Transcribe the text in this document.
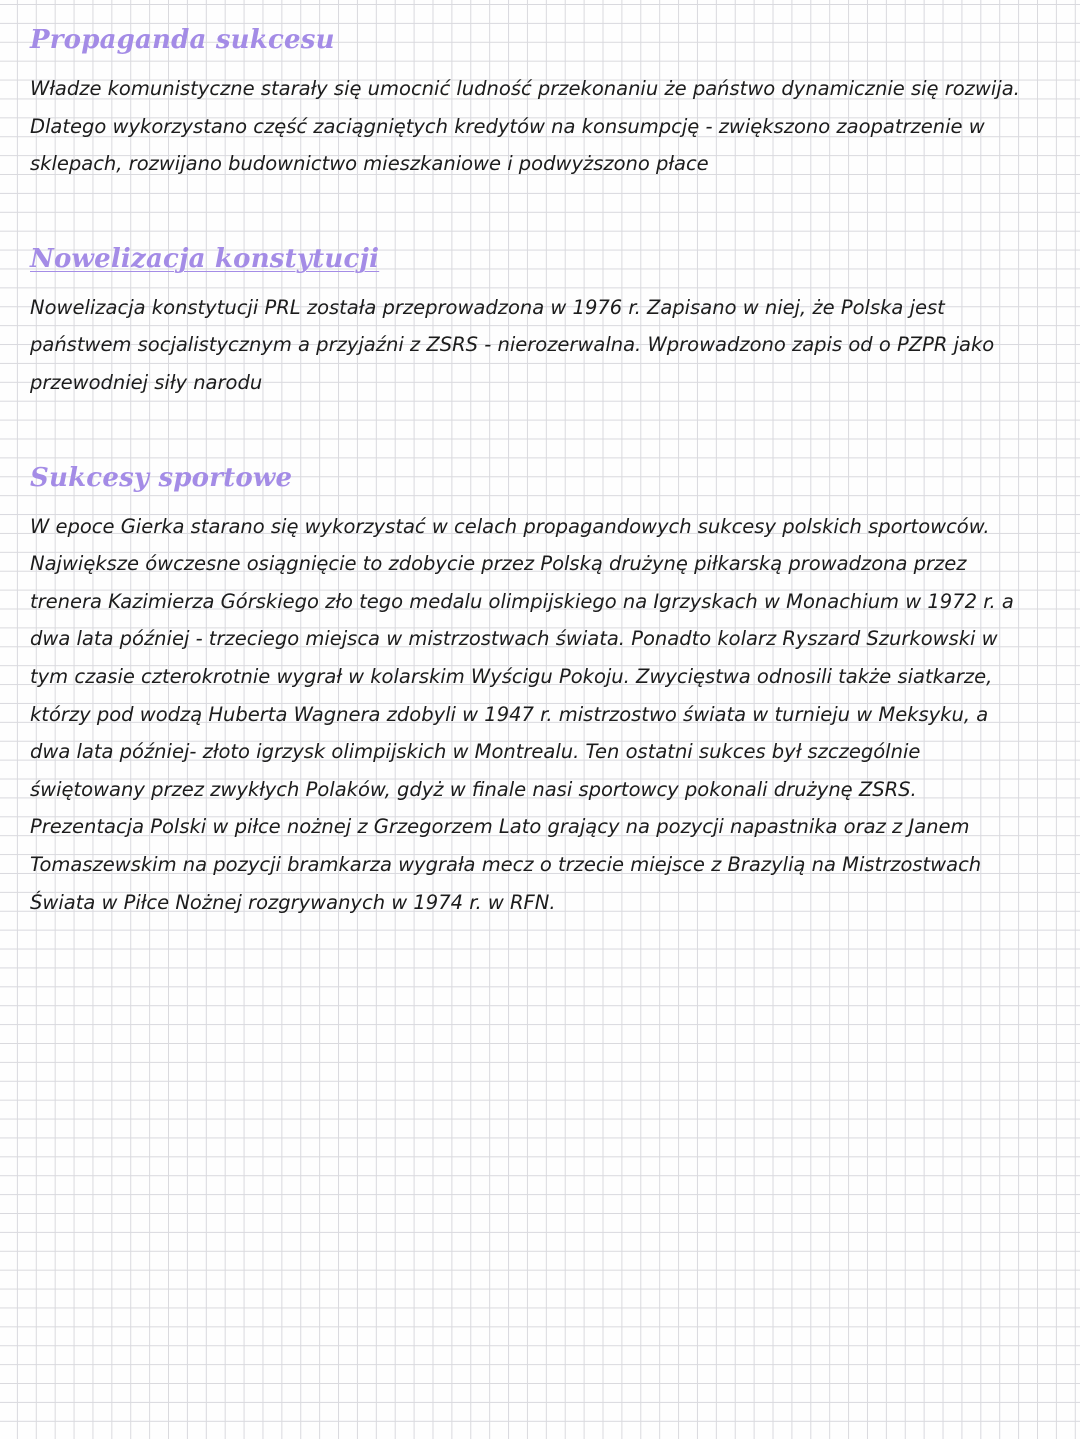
Propaganda sukcesu

Władze komunistyczne starały się umocnić ludność przekonaniu że państwo dynamicznie się rozwija.
Dlatego wykorzystano część zaciągniętych kredytów na konsumpcję - zwiększono zaopatrzenie w
sklepach, rozwijano budownictwo mieszkaniowe i podwyższono płace

Nowelizacja konstytucji

Nowelizacja konstytucji PRL została przeprowadzona w 1976 r. Zapisano w niej, że Polska jest
państwem socjalistycznym a przyjaźni z ZSRS - nierozerwalna. Wprowadzono zapis od o PZPR jako
przewodniej siły narodu

Sukcesy sportowe

W epoce Gierka starano się wykorzystać w celach propagandowych sukcesy polskich sportowców.
Największe ówczesne osiągnięcie to zdobycie przez Polską drużynę piłkarską prowadzona przez
trenera Kazimierza Górskiego zło tego medalu olimpijskiego na Igrzyskach w Monachium w 1972 r. a
dwa lata później - trzeciego miejsca w mistrzostwach świata. Ponadto kolarz Ryszard Szurkowski w
tym czasie czterokrotnie wygrał w kolarskim Wyścigu Pokoju. Zwycięstwa odnosili także siatkarze,
którzy pod wodzą Huberta Wagnera zdobyli w 1947 r. mistrzostwo świata w turnieju w Meksyku, a
dwa lata później- złoto igrzysk olimpijskich w Montrealu. Ten ostatni sukces był szczególnie
świętowany przez zwykłych Polaków, gdyż w finale nasi sportowcy pokonali drużynę ZSRS.
Prezentacja Polski w piłce nożnej z Grzegorzem Lato grający na pozycji napastnika oraz z Janem
Tomaszewskim na pozycji bramkarza wygrała mecz o trzecie miejsce z Brazylią na Mistrzostwach
Świata w Piłce Nożnej rozgrywanych w 1974 r. w RFN.
